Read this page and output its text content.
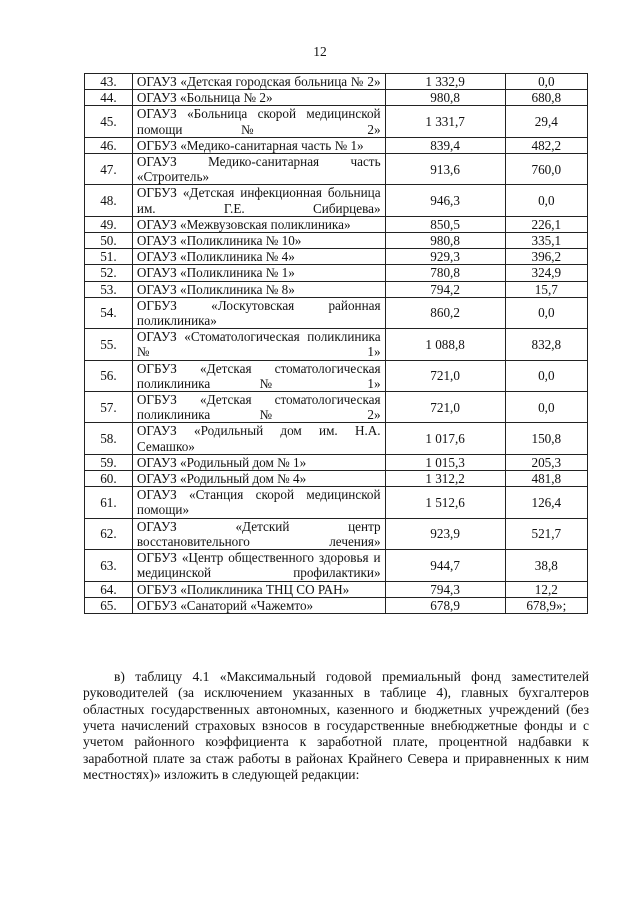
12
43.	ОГАУЗ «Детская городская больница № 2»	1 332,9	0,0
44.	ОГАУЗ «Больница № 2»	980,8	680,8
45.	ОГАУЗ «Больница скорой медицинской помощи № 2»	1 331,7	29,4
46.	ОГБУЗ «Медико-санитарная часть № 1»	839,4	482,2
47.	ОГАУЗ Медико-санитарная часть «Строитель»	913,6	760,0
48.	ОГБУЗ «Детская инфекционная больница им. Г.Е. Сибирцева»	946,3	0,0
49.	ОГАУЗ «Межвузовская поликлиника»	850,5	226,1
50.	ОГАУЗ «Поликлиника № 10»	980,8	335,1
51.	ОГАУЗ «Поликлиника № 4»	929,3	396,2
52.	ОГАУЗ «Поликлиника № 1»	780,8	324,9
53.	ОГАУЗ «Поликлиника № 8»	794,2	15,7
54.	ОГБУЗ «Лоскутовская районная поликлиника»	860,2	0,0
55.	ОГАУЗ «Стоматологическая поликлиника № 1»	1 088,8	832,8
56.	ОГБУЗ «Детская стоматологическая поликлиника № 1»	721,0	0,0
57.	ОГБУЗ «Детская стоматологическая поликлиника № 2»	721,0	0,0
58.	ОГАУЗ «Родильный дом им. Н.А. Семашко»	1 017,6	150,8
59.	ОГАУЗ «Родильный дом № 1»	1 015,3	205,3
60.	ОГАУЗ «Родильный дом № 4»	1 312,2	481,8
61.	ОГАУЗ «Станция скорой медицинской помощи»	1 512,6	126,4
62.	ОГАУЗ «Детский центр восстановительного лечения»	923,9	521,7
63.	ОГБУЗ «Центр общественного здоровья и медицинской профилактики»	944,7	38,8
64.	ОГБУЗ «Поликлиника ТНЦ СО РАН»	794,3	12,2
65.	ОГБУЗ «Санаторий «Чажемто»	678,9	678,9»;
в) таблицу 4.1 «Максимальный годовой премиальный фонд заместителей руководителей (за исключением указанных в таблице 4), главных бухгалтеров областных государственных автономных, казенного и бюджетных учреждений (без учета начислений страховых взносов в государственные внебюджетные фонды и с учетом районного коэффициента к заработной плате, процентной надбавки к заработной плате за стаж работы в районах Крайнего Севера и приравненных к ним местностях)» изложить в следующей редакции:
